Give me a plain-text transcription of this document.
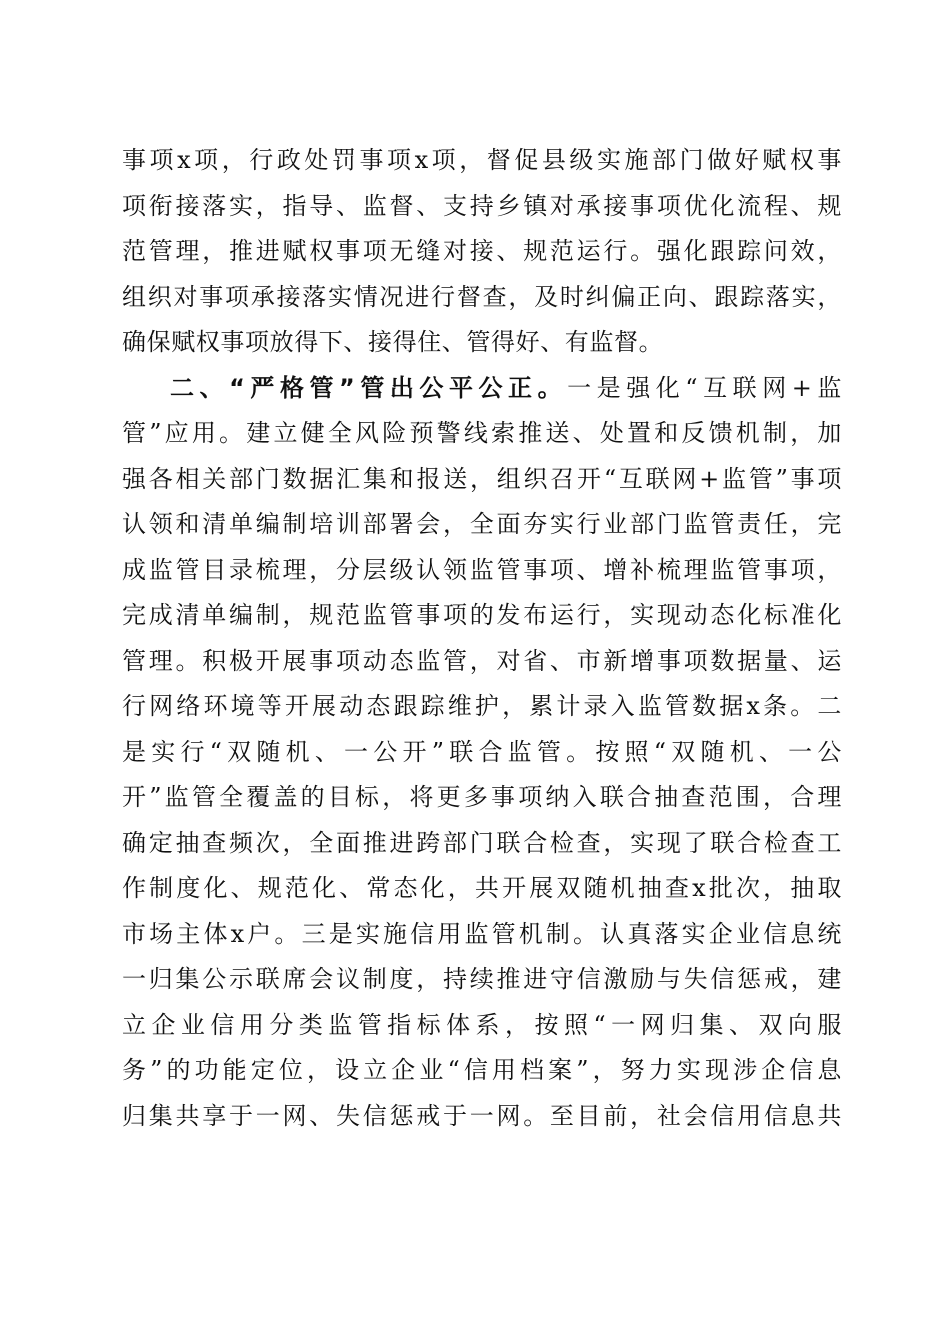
事项x项，行政处罚事项x项，督促县级实施部门做好赋权事
项衔接落实，指导、监督、支持乡镇对承接事项优化流程、规
范管理，推进赋权事项无缝对接、规范运行。强化跟踪问效，
组织对事项承接落实情况进行督查，及时纠偏正向、跟踪落实，
确保赋权事项放得下、接得住、管得好、有监督。
二、“严格管”管出公平公正。一是强化“互联网+监
管”应用。建立健全风险预警线索推送、处置和反馈机制，加
强各相关部门数据汇集和报送，组织召开“互联网+监管”事项
认领和清单编制培训部署会，全面夯实行业部门监管责任，完
成监管目录梳理，分层级认领监管事项、增补梳理监管事项，
完成清单编制，规范监管事项的发布运行，实现动态化标准化
管理。积极开展事项动态监管，对省、市新增事项数据量、运
行网络环境等开展动态跟踪维护，累计录入监管数据x条。二
是实行“双随机、一公开”联合监管。按照“双随机、一公
开”监管全覆盖的目标，将更多事项纳入联合抽查范围，合理
确定抽查频次，全面推进跨部门联合检查，实现了联合检查工
作制度化、规范化、常态化，共开展双随机抽查x批次，抽取
市场主体x户。三是实施信用监管机制。认真落实企业信息统
一归集公示联席会议制度，持续推进守信激励与失信惩戒，建
立企业信用分类监管指标体系，按照“一网归集、双向服
务”的功能定位，设立企业“信用档案”，努力实现涉企信息
归集共享于一网、失信惩戒于一网。至目前，社会信用信息共
